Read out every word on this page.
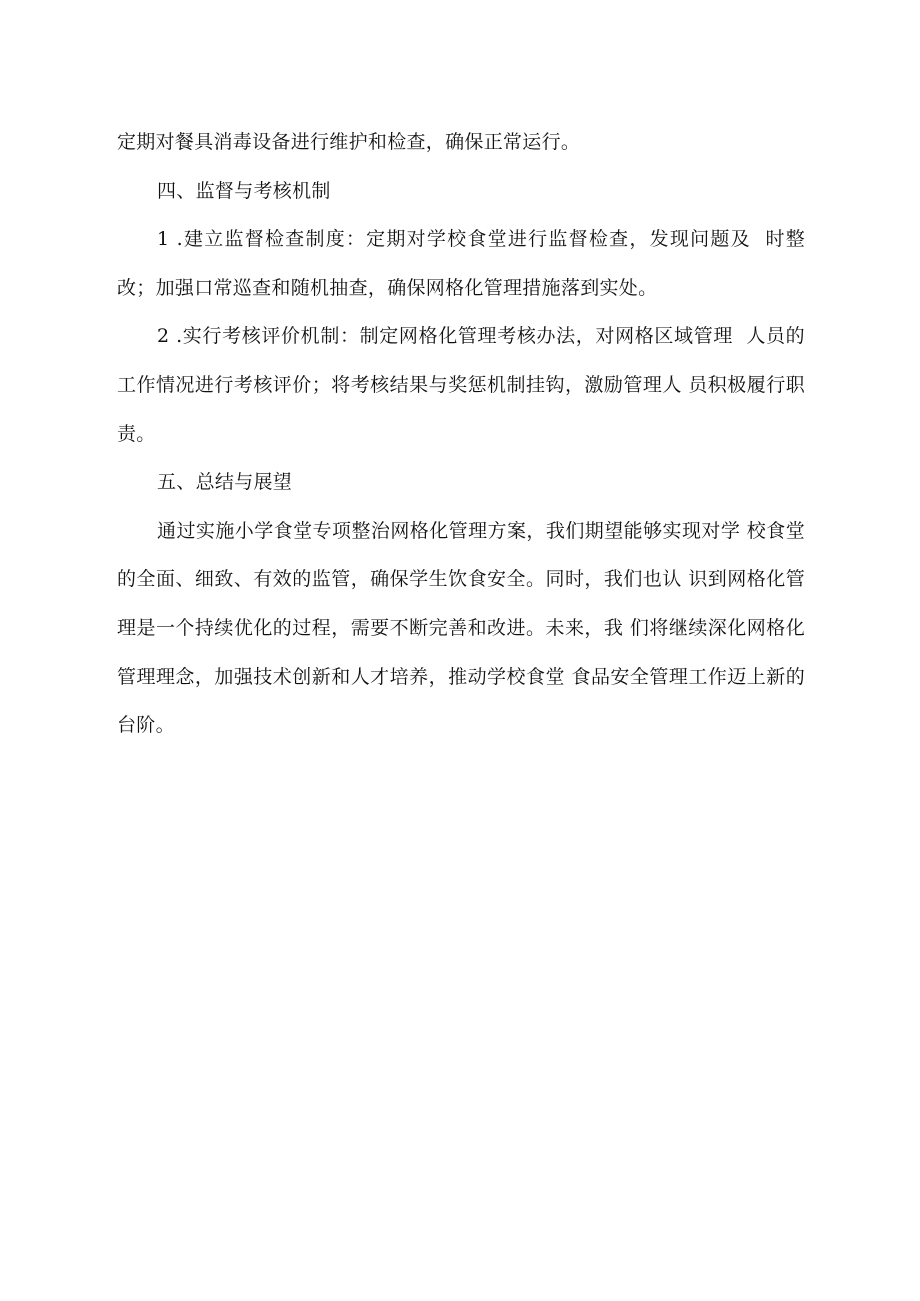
定期对餐具消毒设备进行维护和检查，确保正常运行。

四、监督与考核机制

1 .建立监督检查制度：定期对学校食堂进行监督检查，发现问题及  时整改；加强口常巡查和随机抽查，确保网格化管理措施落到实处。

2 .实行考核评价机制：制定网格化管理考核办法，对网格区域管理  人员的工作情况进行考核评价；将考核结果与奖惩机制挂钩，激励管理人 员积极履行职责。

五、总结与展望

通过实施小学食堂专项整治网格化管理方案，我们期望能够实现对学 校食堂的全面、细致、有效的监管，确保学生饮食安全。同时，我们也认 识到网格化管理是一个持续优化的过程，需要不断完善和改进。未来，我 们将继续深化网格化管理理念，加强技术创新和人才培养，推动学校食堂 食品安全管理工作迈上新的台阶。
